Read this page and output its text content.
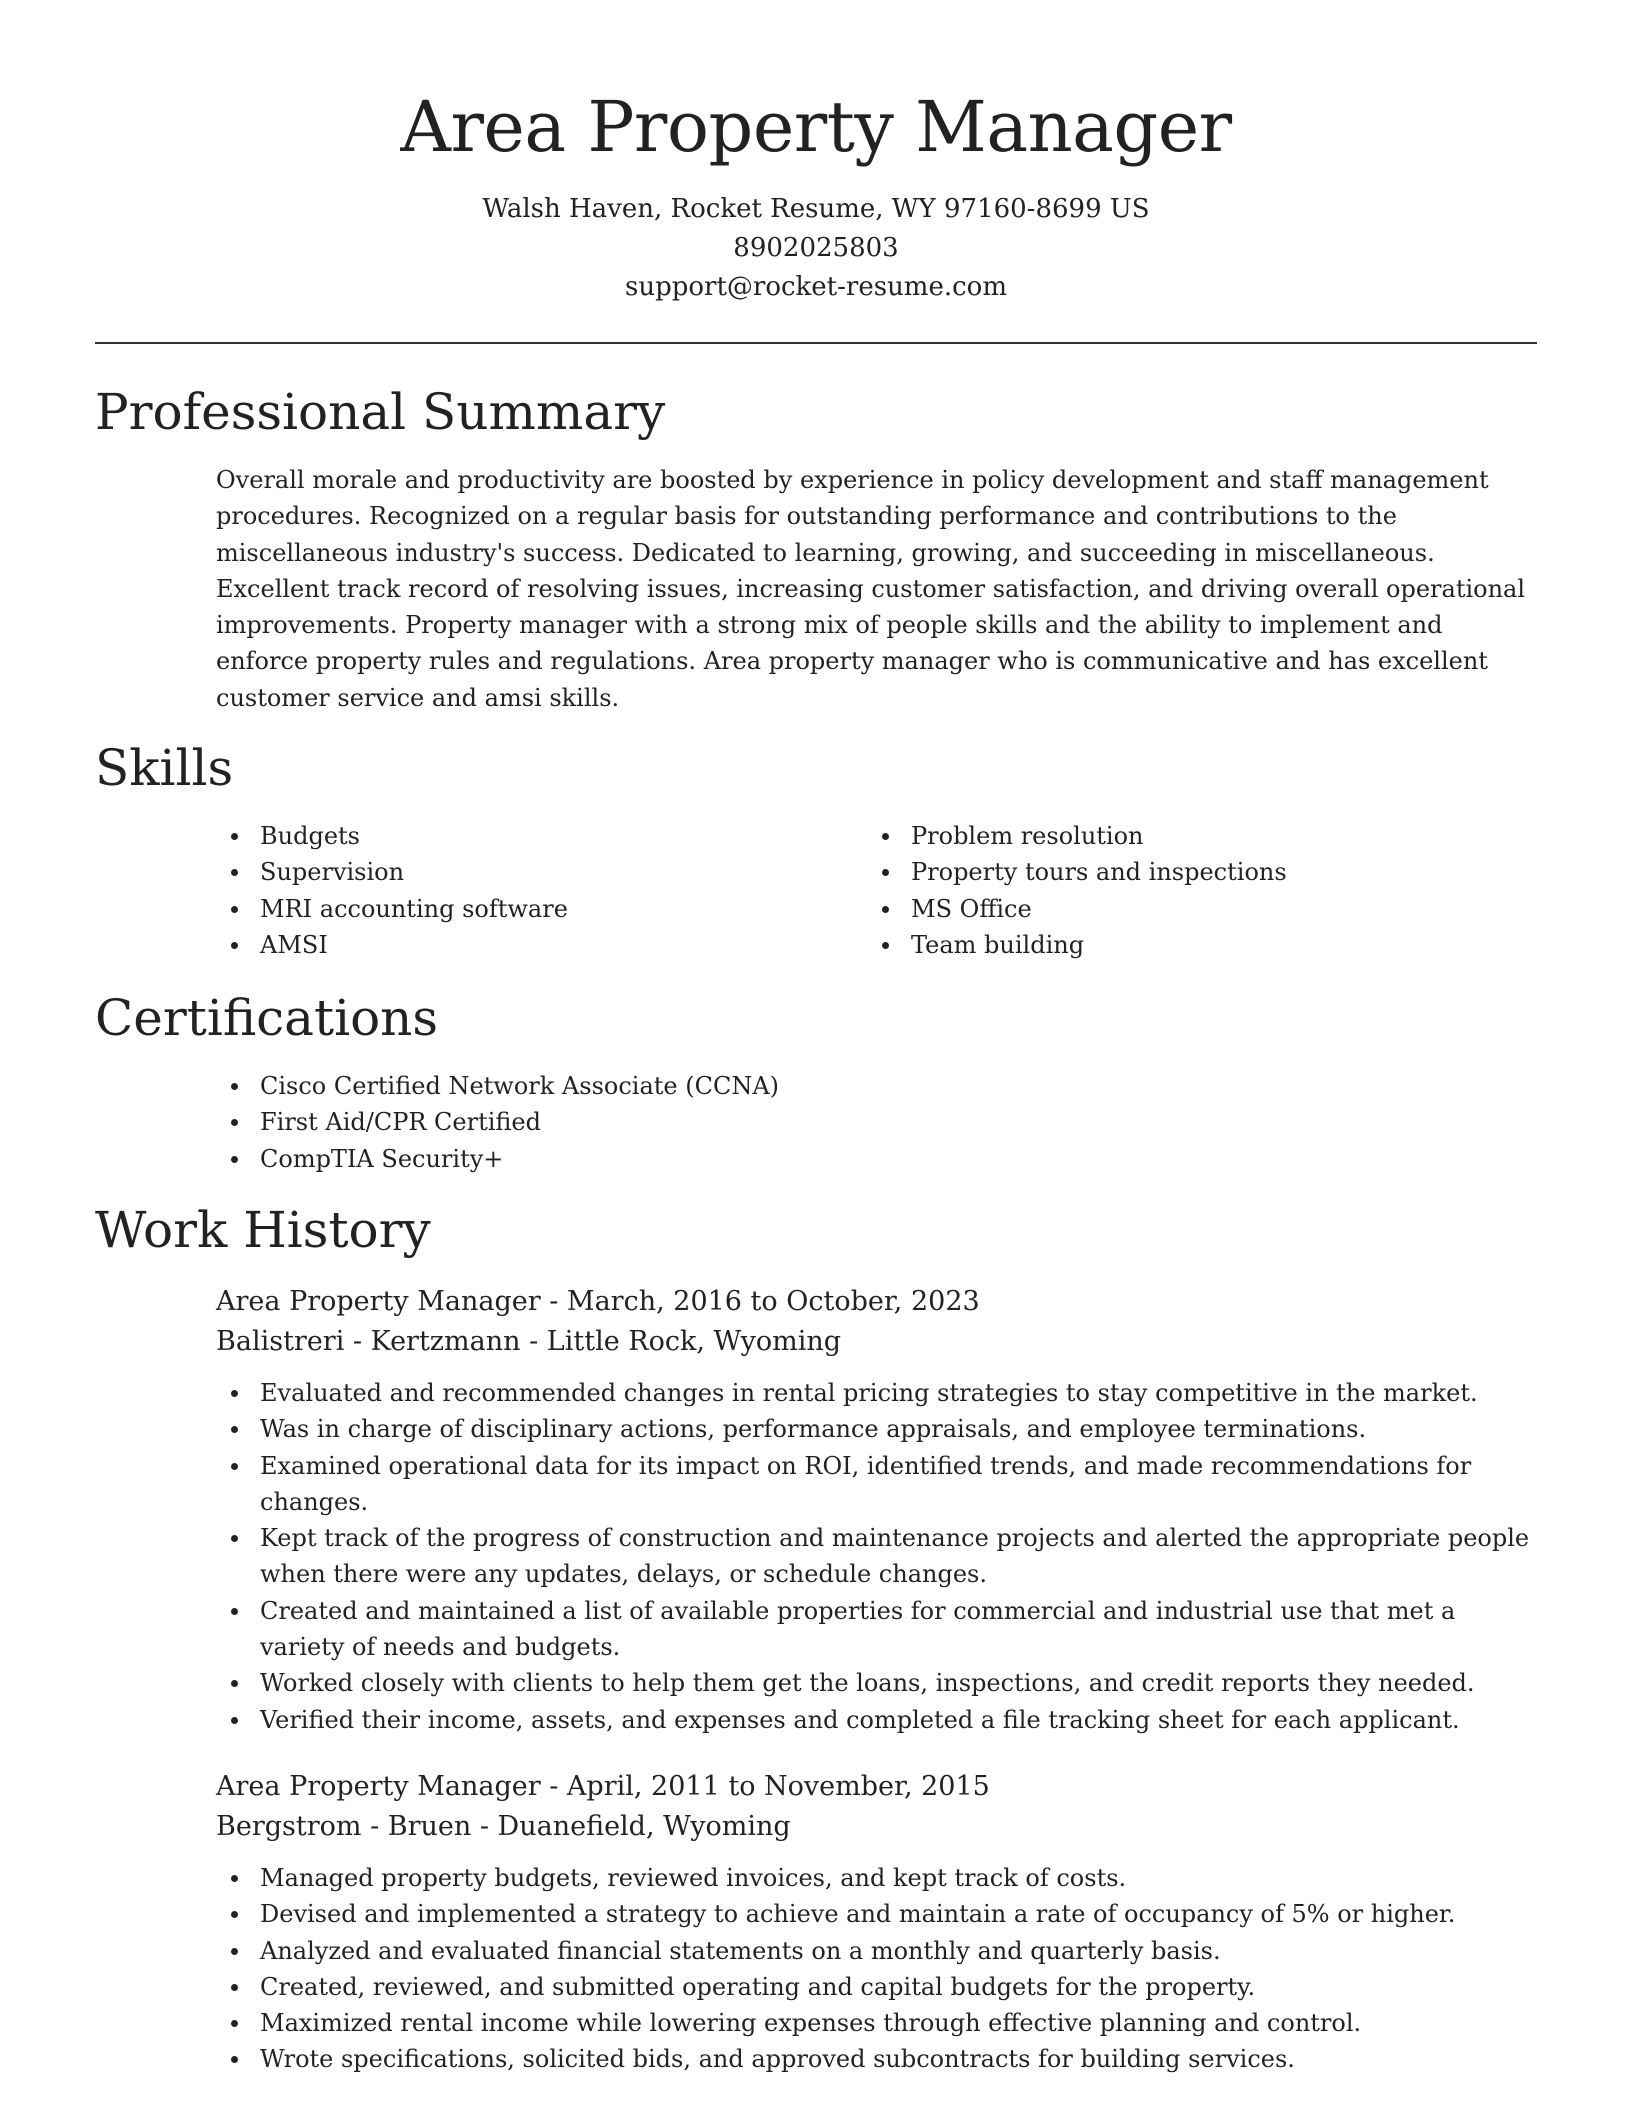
Area Property Manager
Walsh Haven, Rocket Resume, WY 97160-8699 US
8902025803
support@rocket-resume.com
Professional Summary

Overall morale and productivity are boosted by experience in policy development and staff management procedures. Recognized on a regular basis for outstanding performance and contributions to the miscellaneous industry's success. Dedicated to learning, growing, and succeeding in miscellaneous. Excellent track record of resolving issues, increasing customer satisfaction, and driving overall operational improvements. Property manager with a strong mix of people skills and the ability to implement and enforce property rules and regulations. Area property manager who is communicative and has excellent customer service and amsi skills.

Skills
Budgets
Supervision
MRI accounting software
AMSI
Problem resolution
Property tours and inspections
MS Office
Team building
Certifications
Cisco Certified Network Associate (CCNA)
First Aid/CPR Certified
CompTIA Security+
Work History
Area Property Manager - March, 2016 to October, 2023
Balistreri - Kertzmann - Little Rock, Wyoming
Evaluated and recommended changes in rental pricing strategies to stay competitive in the market.
Was in charge of disciplinary actions, performance appraisals, and employee terminations.
Examined operational data for its impact on ROI, identified trends, and made recommendations for changes.
Kept track of the progress of construction and maintenance projects and alerted the appropriate people when there were any updates, delays, or schedule changes.
Created and maintained a list of available properties for commercial and industrial use that met a variety of needs and budgets.
Worked closely with clients to help them get the loans, inspections, and credit reports they needed.
Verified their income, assets, and expenses and completed a file tracking sheet for each applicant.
Area Property Manager - April, 2011 to November, 2015
Bergstrom - Bruen - Duanefield, Wyoming
Managed property budgets, reviewed invoices, and kept track of costs.
Devised and implemented a strategy to achieve and maintain a rate of occupancy of 5% or higher.
Analyzed and evaluated financial statements on a monthly and quarterly basis.
Created, reviewed, and submitted operating and capital budgets for the property.
Maximized rental income while lowering expenses through effective planning and control.
Wrote specifications, solicited bids, and approved subcontracts for building services.
